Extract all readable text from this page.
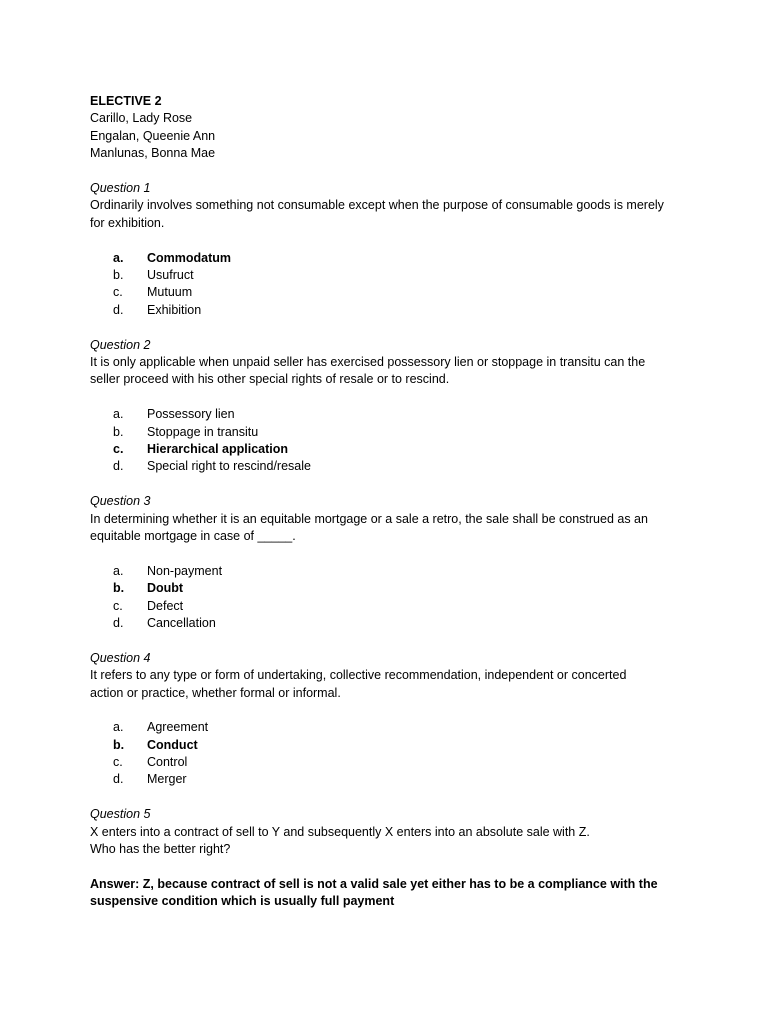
ELECTIVE 2
Carillo, Lady Rose
Engalan, Queenie Ann
Manlunas, Bonna Mae
Question 1
Ordinarily involves something not consumable except when the purpose of consumable goods is merely
for exhibition.
a.	Commodatum
b.	Usufruct
c.	Mutuum
d.	Exhibition
Question 2
It is only applicable when unpaid seller has exercised possessory lien or stoppage in transitu can the
seller proceed with his other special rights of resale or to rescind.
a.	Possessory lien
b.	Stoppage in transitu
c.	Hierarchical application
d.	Special right to rescind/resale
Question 3
In determining whether it is an equitable mortgage or a sale a retro, the sale shall be construed as an
equitable mortgage in case of _____.
a.	Non-payment
b.	Doubt
c.	Defect
d.	Cancellation
Question 4
It refers to any type or form of undertaking, collective recommendation, independent or concerted
action or practice, whether formal or informal.
a.	Agreement
b.	Conduct
c.	Control
d.	Merger
Question 5
X enters into a contract of sell to Y and subsequently X enters into an absolute sale with Z.
Who has the better right?
Answer: Z, because contract of sell is not a valid sale yet either has to be a compliance with the
suspensive condition which is usually full payment
